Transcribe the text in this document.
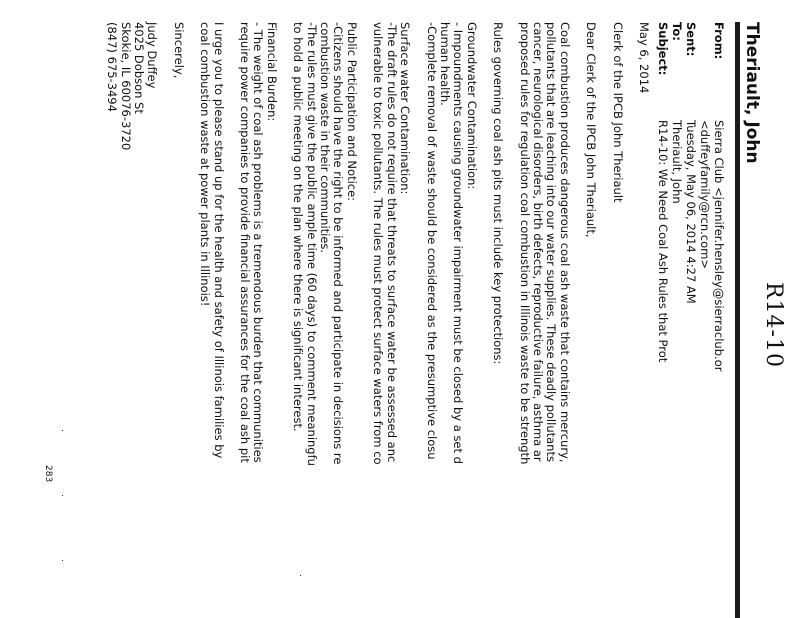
R14-10
Theriault, John
From:
Sierra Club <jennifer.hensley@sierraclub.or
<duffeyfamily@rcn.com>
Sent:
Tuesday, May 06, 2014 4:27 AM
To:
Theriault, John
Subject:
R14-10: We Need Coal Ash Rules that Prot
May 6, 2014
Clerk of the IPCB John Theriault
Dear Clerk of the IPCB John Theriault,
Coal combustion produces dangerous coal ash waste that contains mercury,
pollutants that are leaching into our water supplies. These deadly pollutants
cancer, neurological disorders, birth defects, reproductive failure, asthma ar
proposed rules for regulation coal combustion in Illinois waste to be strength
Rules governing coal ash pits must include key protections:
Groundwater Contamination:
- Impoundments causing groundwater impairment must be closed by a set d
human health.
-Complete removal of waste should be considered as the presumptive closu
Surface water Contamination:
-The draft rules do not require that threats to surface water be assessed anc
vulnerable to toxic pollutants. The rules must protect surface waters from co
Public Participation and Notice:
-Citizens should have the right to be informed and participate in decisions re
combustion waste in their communities.
-The rules must give the public ample time (60 days) to comment meaningfu
to hold a public meeting on the plan where there is significant interest.
Financial Burden:
- The weight of coal ash problems is a tremendous burden that communities
require power companies to provide financial assurances for the coal ash pit
I urge you to please stand up for the health and safety of Illinois families by
coal combustion waste at power plants in Illinois!
Sincerely,
Judy Duffey
4025 Dobson St
Skokie, IL 60076-3720
(847) 675-3494
283
